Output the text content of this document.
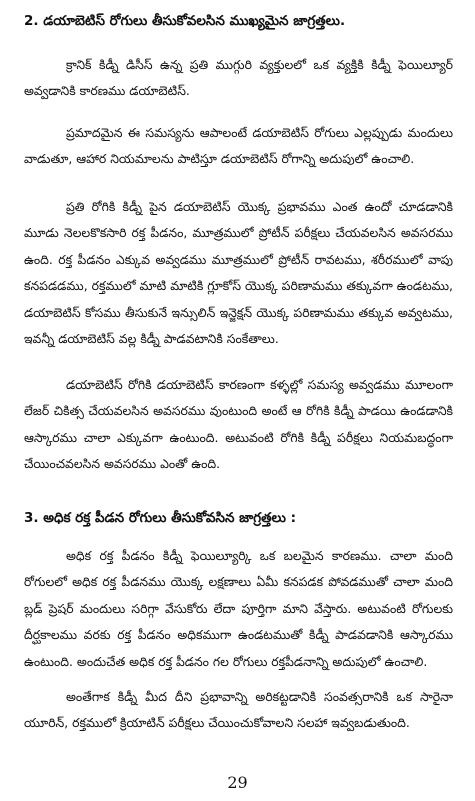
2. డయాబెటిస్ రోగులు తీసుకోవలసిన ముఖ్యమైన జాగ్రత్తలు.

క్రానిక్ కిడ్నీ డిసీస్ ఉన్న ప్రతి ముగ్గురి వ్యక్తులలో ఒక వ్యక్తికి కిడ్నీ ఫెయిల్యూర్ అవ్వడానికి కారణము డయాబెటిస్.

ప్రమాదమైన ఈ సమస్యను ఆపాలంటే డయాబెటిస్ రోగులు ఎల్లప్పుడు మందులు వాడుతూ, ఆహార నియమాలను పాటిస్తూ డయాబెటిస్ రోగాన్ని అదుపులో ఉంచాలి.

ప్రతి రోగికి కిడ్నీ పైన డయాబెటిస్ యొక్క ప్రభావము ఎంత ఉందో చూడడానికి మూడు నెలలకొకసారి రక్త పీడనం, మూత్రములో ప్రోటీన్ పరీక్షలు చేయవలసిన అవసరము ఉంది. రక్త పీడనం ఎక్కువ అవ్వడము మూత్రములో ప్రోటీన్ రావటము, శరీరములో వాపు కనపడడము, రక్తములో మాటి మాటికి గ్లూకోస్ యొక్క పరిణామము తక్కువగా ఉండటము, డయాబెటిస్ కోసము తీసుకునే ఇన్సులిన్ ఇన్జెక్షన్ యొక్క పరిణామము తక్కువ అవ్వటము, ఇవన్నీ డయాబెటిస్ వల్ల కిడ్నీ పాడవటానికి సంకేతాలు.

డయాబెటిస్ రోగికి డయాబెటిస్ కారణంగా కళ్ళల్లో సమస్య అవ్వడము మూలంగా లేజర్ చికిత్స చేయవలసిన అవసరము వుంటుంది అంటే ఆ రోగికి కిడ్నీ పాడయి ఉండడానికి ఆస్కారము చాలా ఎక్కువగా ఉంటుంది. అటువంటి రోగికి కిడ్నీ పరీక్షలు నియమబద్ధంగా చేయించవలసిన అవసరము ఎంతో ఉంది.

3. అధిక రక్త పీడన రోగులు తీసుకోవసిన జాగ్రత్తలు :

అధిక రక్త పీడనం కిడ్నీ ఫెయిల్యూర్కి ఒక బలమైన కారణము. చాలా మంది రోగులలో అధిక రక్త పీడనము యొక్క లక్షణాలు ఏమీ కనపడక పోవడముతో చాలా మంది బ్లడ్ ప్రెషర్ మందులు సరిగ్గా వేసుకోరు లేదా పూర్తిగా మాని వేస్తారు. అటువంటి రోగులకు దీర్ఘకాలము వరకు రక్త పీడనం అధికముగా ఉండటముతో కిడ్నీ పాడవడానికి ఆస్కారము ఉంటుంది. అందుచేత అధిక రక్త పీడనం గల రోగులు రక్తపీడనాన్ని అదుపులో ఉంచాలి.

అంతేగాక కిడ్నీ మీద దీని ప్రభావాన్ని అరికట్టడానికి సంవత్సరానికి ఒక సారైనా యూరిన్, రక్తములో క్రియాటిన్ పరీక్షలు చేయించుకోవాలని సలహా ఇవ్వబడుతుంది.

29
